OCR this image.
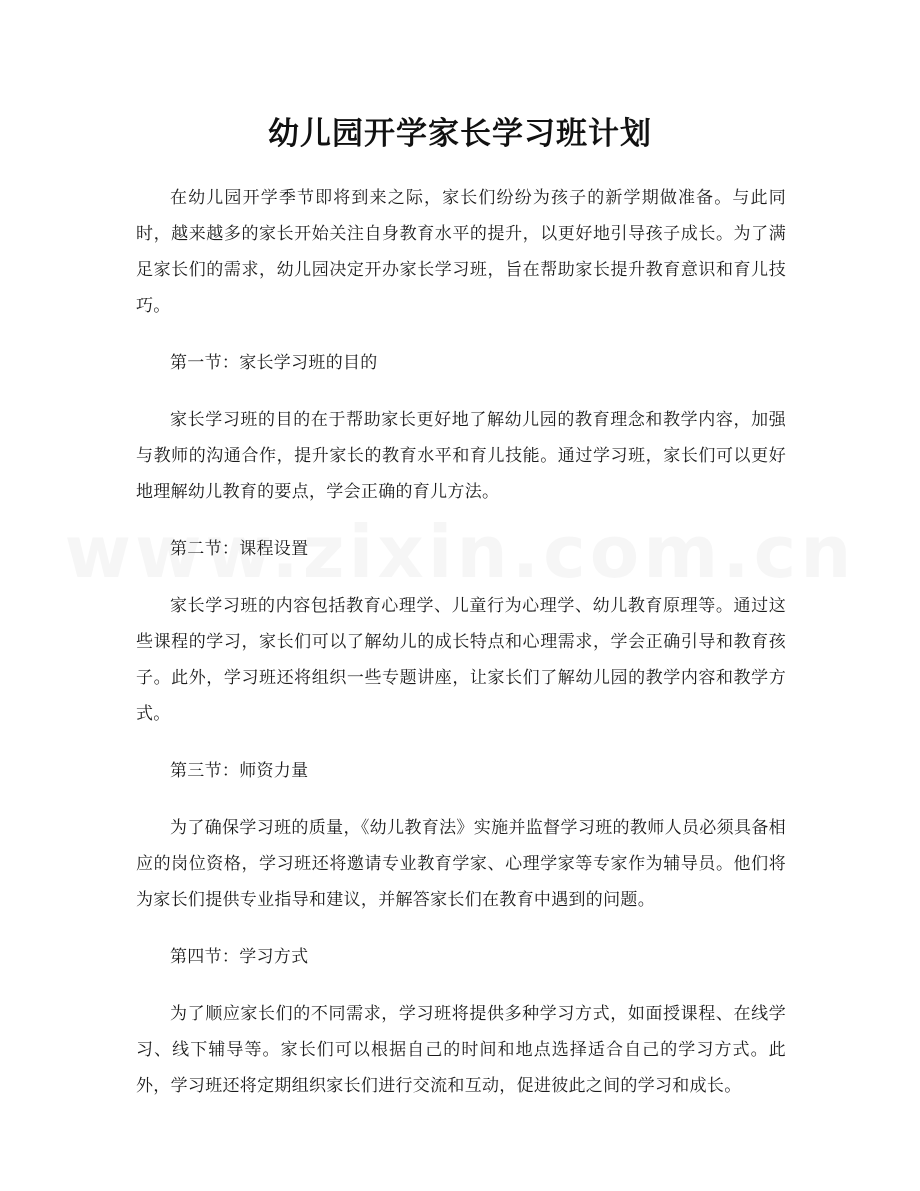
幼儿园开学家长学习班计划

在幼儿园开学季节即将到来之际，家长们纷纷为孩子的新学期做准备。与此同时，越来越多的家长开始关注自身教育水平的提升，以更好地引导孩子成长。为了满足家长们的需求，幼儿园决定开办家长学习班，旨在帮助家长提升教育意识和育儿技巧。

第一节：家长学习班的目的

家长学习班的目的在于帮助家长更好地了解幼儿园的教育理念和教学内容，加强与教师的沟通合作，提升家长的教育水平和育儿技能。通过学习班，家长们可以更好地理解幼儿教育的要点，学会正确的育儿方法。

第二节：课程设置

家长学习班的内容包括教育心理学、儿童行为心理学、幼儿教育原理等。通过这些课程的学习，家长们可以了解幼儿的成长特点和心理需求，学会正确引导和教育孩子。此外，学习班还将组织一些专题讲座，让家长们了解幼儿园的教学内容和教学方式。

第三节：师资力量

为了确保学习班的质量，《幼儿教育法》实施并监督学习班的教师人员必须具备相应的岗位资格，学习班还将邀请专业教育学家、心理学家等专家作为辅导员。他们将为家长们提供专业指导和建议，并解答家长们在教育中遇到的问题。

第四节：学习方式

为了顺应家长们的不同需求，学习班将提供多种学习方式，如面授课程、在线学习、线下辅导等。家长们可以根据自己的时间和地点选择适合自己的学习方式。此外，学习班还将定期组织家长们进行交流和互动，促进彼此之间的学习和成长。
